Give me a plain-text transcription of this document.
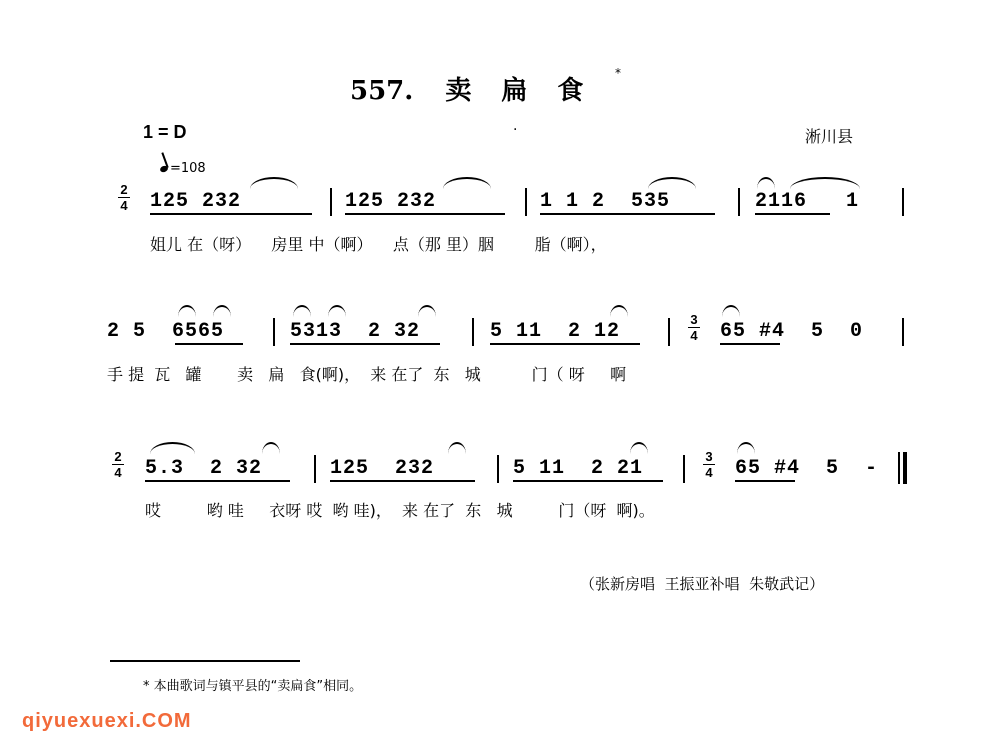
557. 卖 扁 食
*
1 = D	淅川县
·
=108
2
4 125 232	125 232	1 1 2  535	2116   1
姐儿 在（呀）    房里 中（啊）    点（那 里）胭        脂（啊），
2 5  6565	5313  2 32	5 11  2 12
3
4 65 #4  5  0
手 提  瓦   罐       卖   扁   食(啊)，  来 在了  东   城          门（ 呀     啊
2
4 5.3  2 32	125  232	5 11  2 21
3
4 65 #4  5  -
哎         哟 哇     衣呀 哎  哟 哇)，  来 在了  东   城         门（呀  啊)。
（张新房唱  王振亚补唱  朱敬武记）
* 本曲歌词与镇平县的“卖扁食”相同。
qiyuexuexi.COM
